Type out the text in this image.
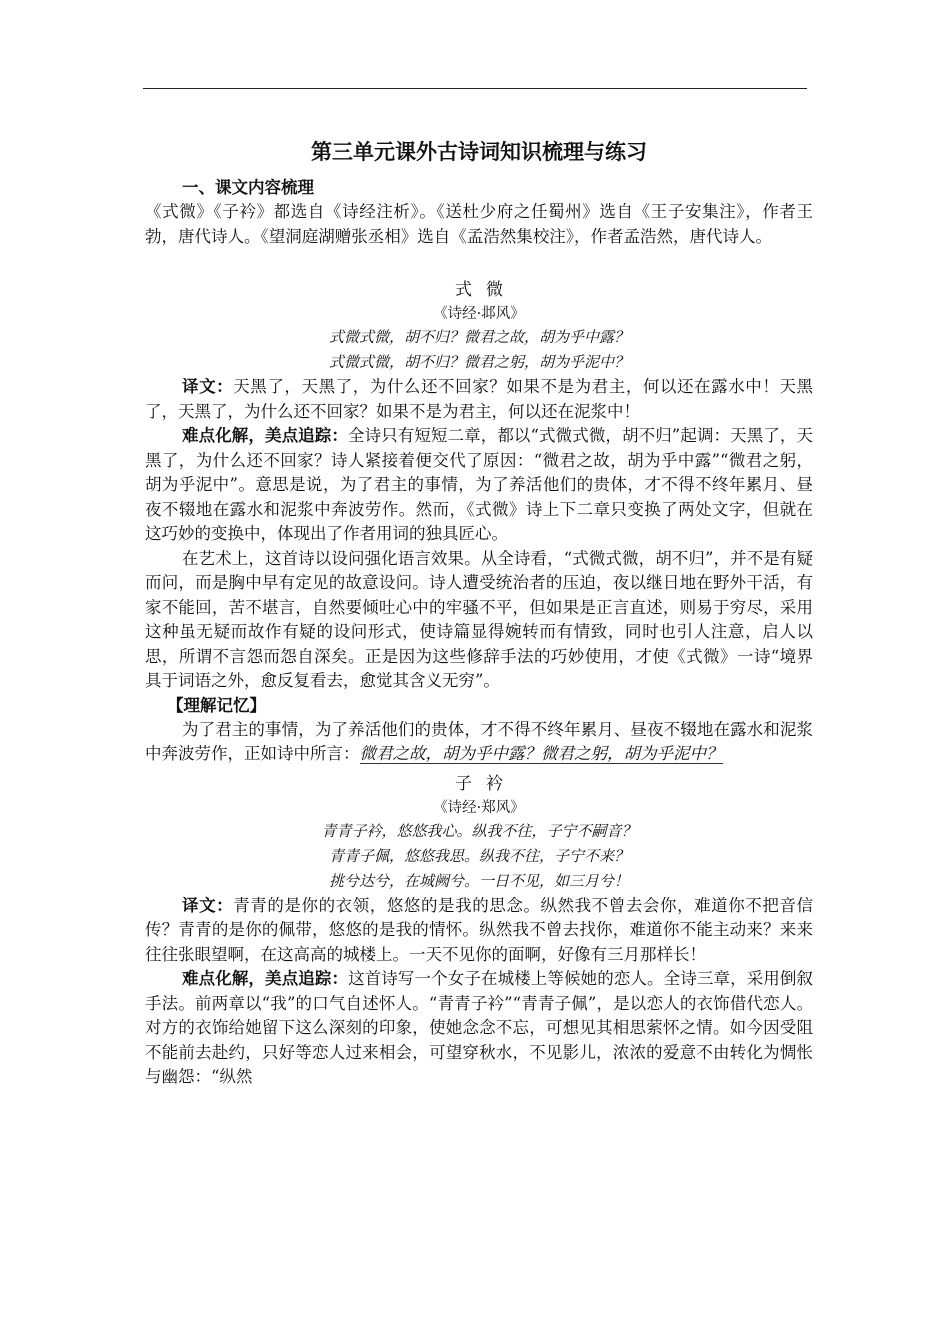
第三单元课外古诗词知识梳理与练习
一、课文内容梳理

《式微》《子衿》都选自《诗经注析》。《送杜少府之任蜀州》选自《王子安集注》，作者王勃，唐代诗人。《望洞庭湖赠张丞相》选自《孟浩然集校注》，作者孟浩然，唐代诗人。

式微
《诗经·邶风》
式微式微，胡不归？微君之故，胡为乎中露？
式微式微，胡不归？微君之躬，胡为乎泥中？

译文：天黑了，天黑了，为什么还不回家？如果不是为君主，何以还在露水中！天黑了，天黑了，为什么还不回家？如果不是为君主，何以还在泥浆中！

难点化解，美点追踪：全诗只有短短二章，都以“式微式微，胡不归”起调：天黑了，天黑了，为什么还不回家？诗人紧接着便交代了原因：“微君之故，胡为乎中露”“微君之躬，胡为乎泥中”。意思是说，为了君主的事情，为了养活他们的贵体，才不得不终年累月、昼夜不辍地在露水和泥浆中奔波劳作。然而，《式微》诗上下二章只变换了两处文字，但就在这巧妙的变换中，体现出了作者用词的独具匠心。

在艺术上，这首诗以设问强化语言效果。从全诗看，“式微式微，胡不归”，并不是有疑而问，而是胸中早有定见的故意设问。诗人遭受统治者的压迫，夜以继日地在野外干活，有家不能回，苦不堪言，自然要倾吐心中的牢骚不平，但如果是正言直述，则易于穷尽，采用这种虽无疑而故作有疑的设问形式，使诗篇显得婉转而有情致，同时也引人注意，启人以思，所谓不言怨而怨自深矣。正是因为这些修辞手法的巧妙使用，才使《式微》一诗“境界具于词语之外，愈反复看去，愈觉其含义无穷”。

【理解记忆】

为了君主的事情，为了养活他们的贵体，才不得不终年累月、昼夜不辍地在露水和泥浆中奔波劳作，正如诗中所言：微君之故，胡为乎中露？微君之躬，胡为乎泥中？

子衿
《诗经·郑风》
青青子衿，悠悠我心。纵我不往，子宁不嗣音？
青青子佩，悠悠我思。纵我不往，子宁不来？
挑兮达兮，在城阙兮。一日不见，如三月兮！

译文：青青的是你的衣领，悠悠的是我的思念。纵然我不曾去会你，难道你不把音信传？青青的是你的佩带，悠悠的是我的情怀。纵然我不曾去找你，难道你不能主动来？来来往往张眼望啊，在这高高的城楼上。一天不见你的面啊，好像有三月那样长！

难点化解，美点追踪：这首诗写一个女子在城楼上等候她的恋人。全诗三章，采用倒叙手法。前两章以“我”的口气自述怀人。“青青子衿”“青青子佩”，是以恋人的衣饰借代恋人。对方的衣饰给她留下这么深刻的印象，使她念念不忘，可想见其相思萦怀之情。如今因受阻不能前去赴约，只好等恋人过来相会，可望穿秋水，不见影儿，浓浓的爱意不由转化为惆怅与幽怨：“纵然
